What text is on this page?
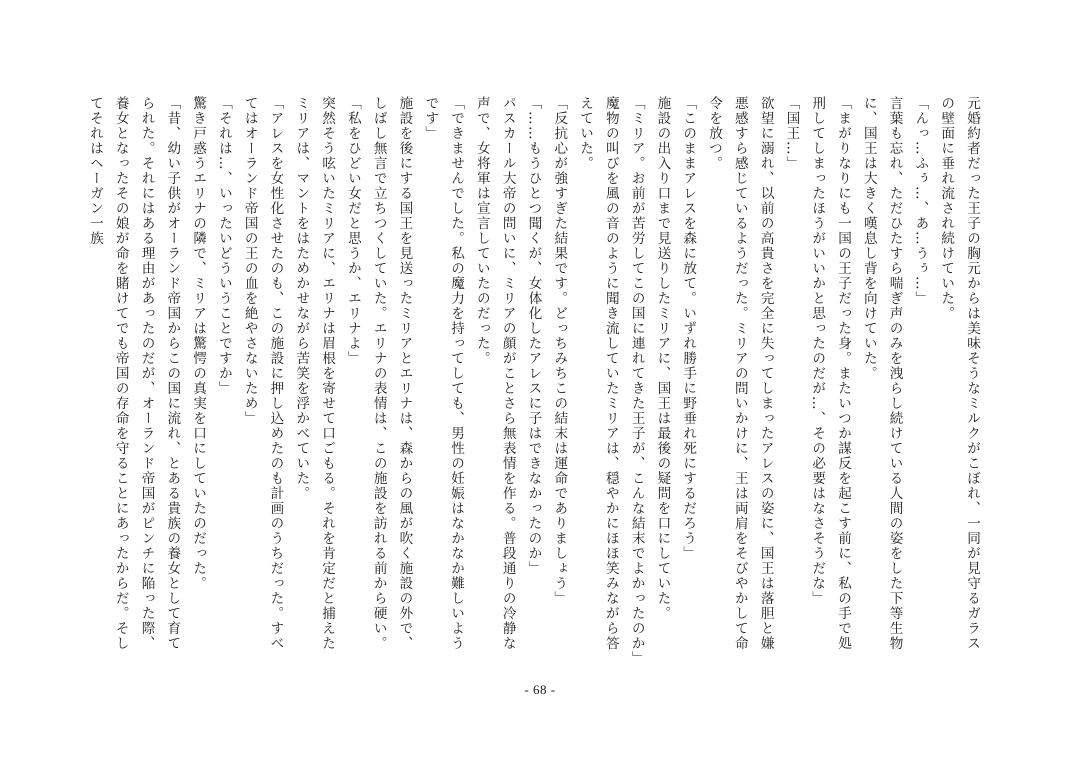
元婚約者だった王子の胸元からは美味そうなミルクがこぼれ、一同が見守るガラスの壁面に垂れ流され続けていた。

「んっ…ふぅ…、あ…うぅ…」

言葉も忘れ、ただひたすら喘ぎ声のみを洩らし続けている人間の姿をした下等生物に、国王は大きく嘆息し背を向けていた。

「まがりなりにも一国の王子だった身。またいつか謀反を起こす前に、私の手で処刑してしまったほうがいいかと思ったのだが…、その必要はなさそうだな」

「国王…」

欲望に溺れ、以前の高貴さを完全に失ってしまったアレスの姿に、国王は落胆と嫌悪感すら感じているようだった。ミリアの問いかけに、王は両肩をそびやかして命令を放つ。

「このままアレスを森に放て。いずれ勝手に野垂れ死にするだろう」

施設の出入り口まで見送りしたミリアに、国王は最後の疑問を口にしていた。

「ミリア。お前が苦労してこの国に連れてきた王子が、こんな結末でよかったのか」

魔物の叫びを風の音のように聞き流していたミリアは、穏やかにほほ笑みながら答えていた。

「反抗心が強すぎた結果です。どっちみちこの結末は運命でありましょう」

「……もうひとつ聞くが、女体化したアレスに子はできなかったのか」

パスカール大帝の問いに、ミリアの顔がことさら無表情を作る。普段通りの冷静な声で、女将軍は宣言していたのだった。

「できませんでした。私の魔力を持ってしても、男性の妊娠はなかなか難しいようです」

施設を後にする国王を見送ったミリアとエリナは、森からの風が吹く施設の外で、しばし無言で立ちつくしていた。エリナの表情は、この施設を訪れる前から硬い。

「私をひどい女だと思うか、エリナよ」

突然そう呟いたミリアに、エリナは眉根を寄せて口ごもる。それを肯定だと捕えたミリアは、マントをはためかせながら苦笑を浮かべていた。

「アレスを女性化させたのも、この施設に押し込めたのも計画のうちだった。すべてはオーランド帝国の王の血を絶やさないため」

「それは…、いったいどういうことですか」

驚き戸惑うエリナの隣で、ミリアは驚愕の真実を口にしていたのだった。

「昔、幼い子供がオーランド帝国からこの国に流れ、とある貴族の養女として育てられた。それにはある理由があったのだが、オーランド帝国がピンチに陥った際、養女となったその娘が命を賭けてでも帝国の存命を守ることにあったからだ。そしてそれはヘーガン一族

- 68 -
